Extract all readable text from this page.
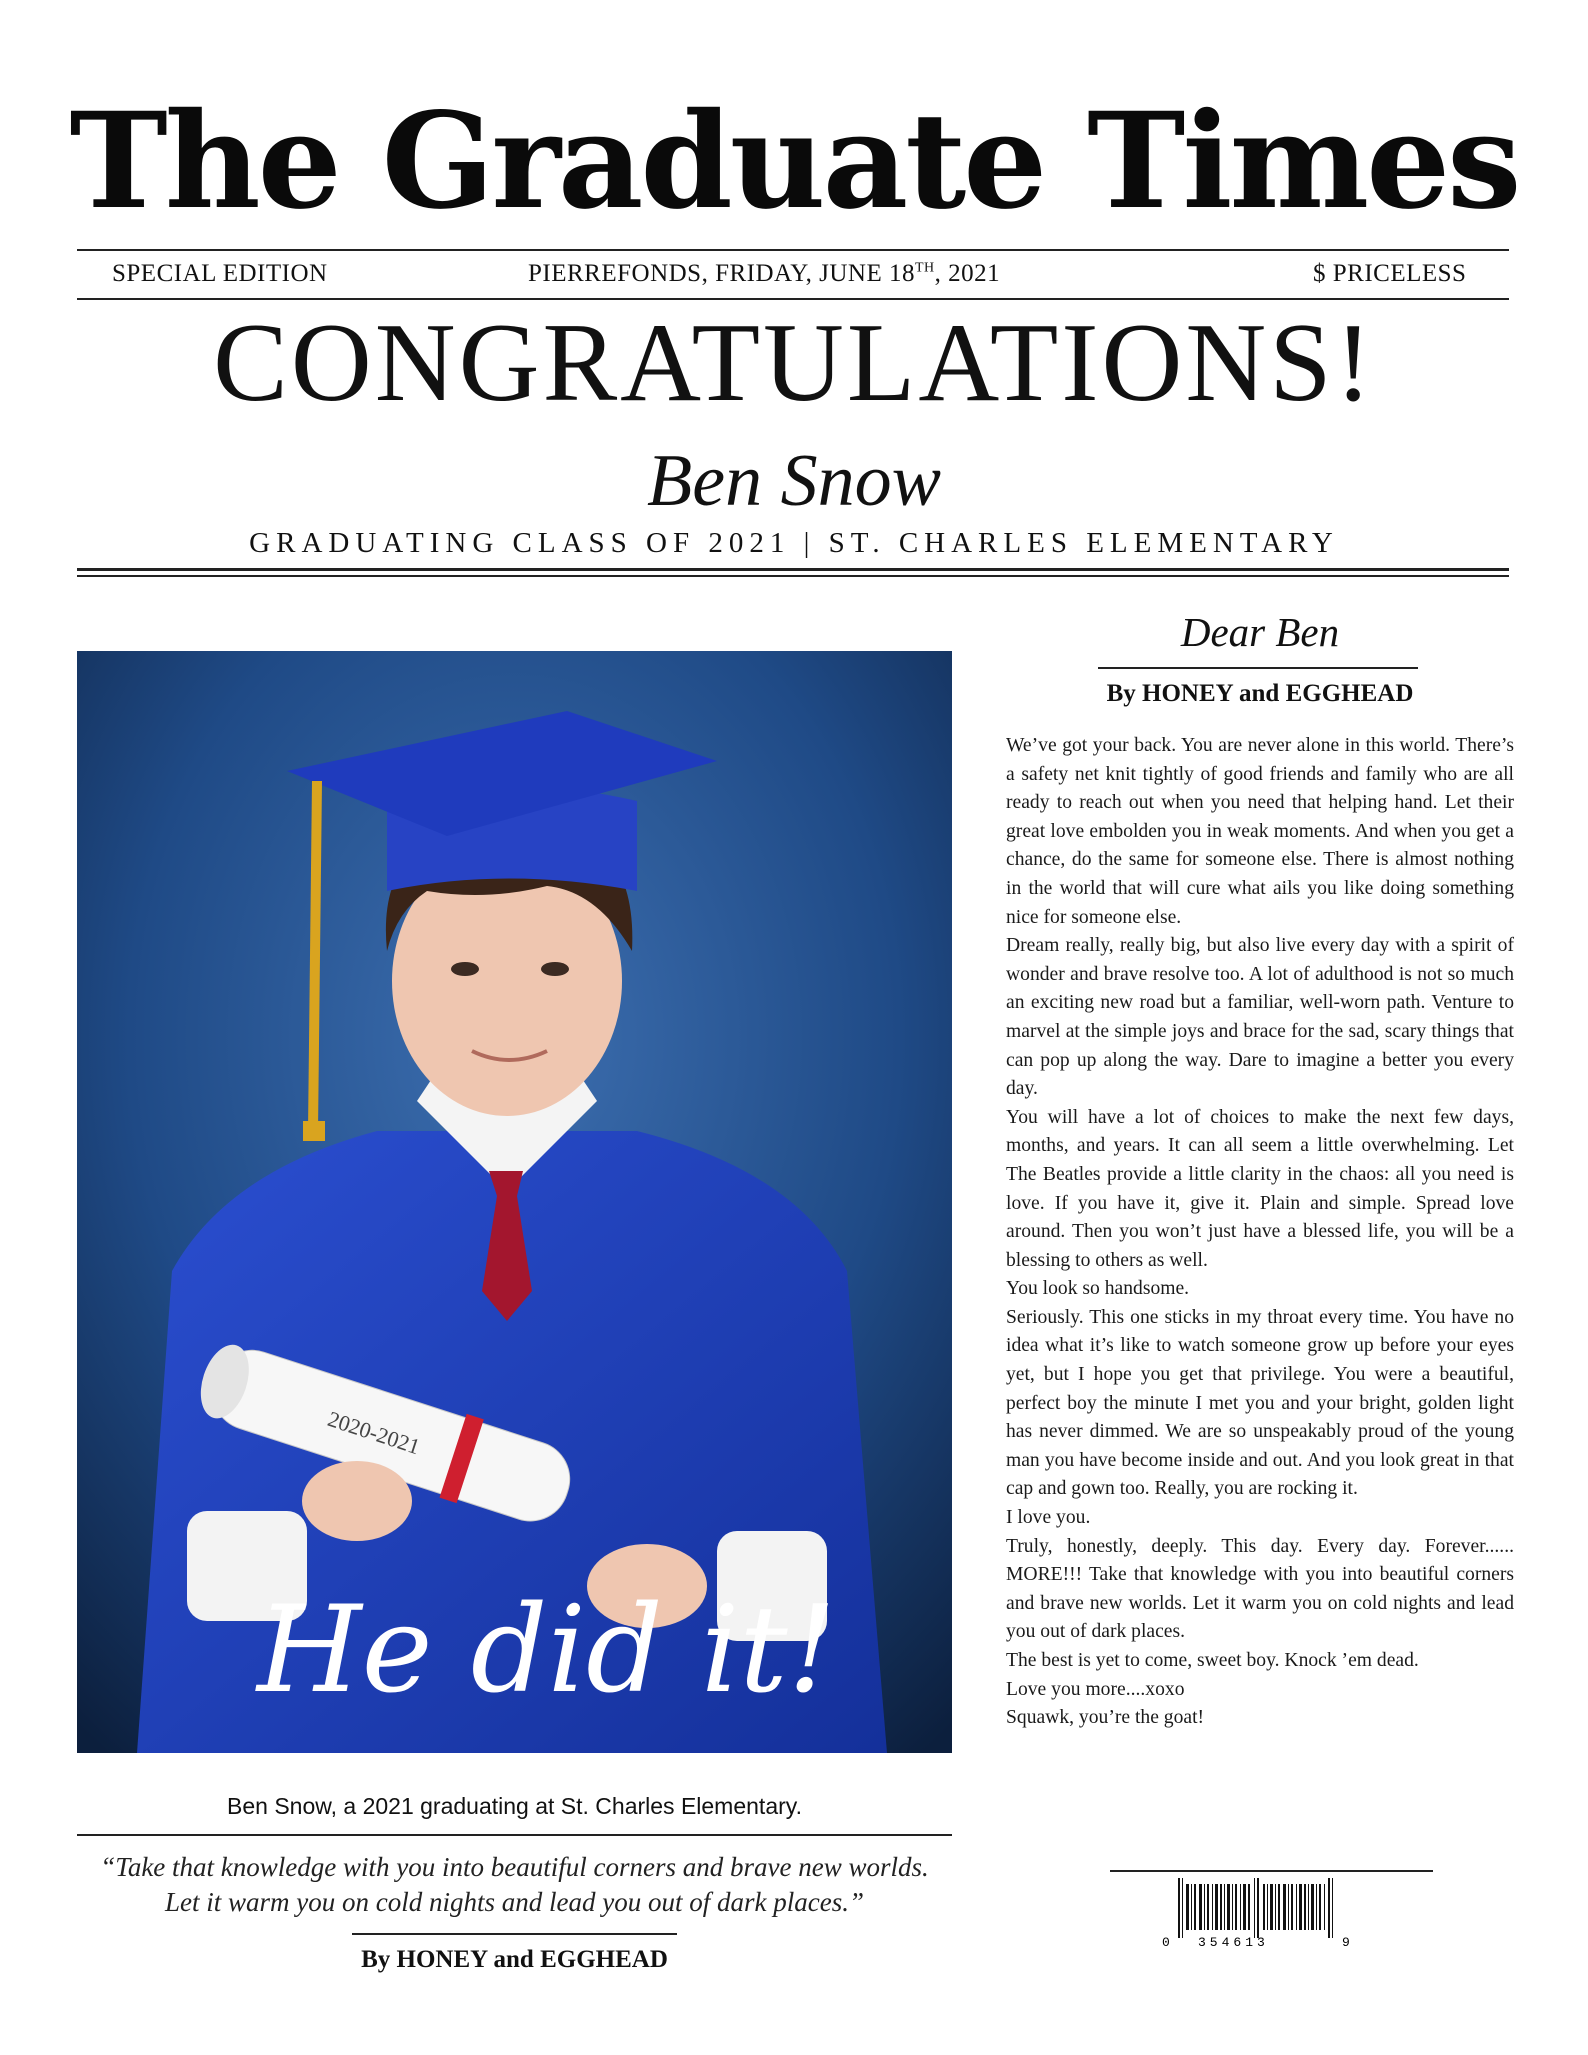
The Graduate Times
SPECIAL EDITION	PIERREFONDS, FRIDAY, JUNE 18TH, 2021	$ PRICELESS
CONGRATULATIONS!
Ben Snow
GRADUATING CLASS OF 2021 | ST. CHARLES ELEMENTARY
2020-2021
He did it!
Ben Snow, a 2021 graduating at St. Charles Elementary.
“Take that knowledge with you into beautiful corners and brave new worlds.
Let it warm you on cold nights and lead you out of dark places.”
By HONEY and EGGHEAD
Dear Ben
By HONEY and EGGHEAD

We’ve got your back. You are never alone in this world. There’s a safety net knit tightly of good friends and family who are all ready to reach out when you need that helping hand. Let their great love embolden you in weak moments. And when you get a chance, do the same for someone else. There is almost nothing in the world that will cure what ails you like doing something nice for someone else.

Dream really, really big, but also live every day with a spirit of wonder and brave resolve too. A lot of adulthood is not so much an exciting new road but a familiar, well-worn path. Venture to marvel at the simple joys and brace for the sad, scary things that can pop up along the way. Dare to imagine a better you every day.

You will have a lot of choices to make the next few days, months, and years. It can all seem a little overwhelming. Let The Beatles provide a little clarity in the chaos: all you need is love. If you have it, give it. Plain and simple. Spread love around. Then you won’t just have a blessed life, you will be a blessing to others as well.

You look so handsome.

Seriously. This one sticks in my throat every time. You have no idea what it’s like to watch someone grow up before your eyes yet, but I hope you get that privilege. You were a beautiful, perfect boy the minute I met you and your bright, golden light has never dimmed. We are so unspeakably proud of the young man you have become inside and out. And you look great in that cap and gown too. Really, you are rocking it.

I love you.

Truly, honestly, deeply. This day. Every day. Forever...... MORE!!! Take that knowledge with you into beautiful corners and brave new worlds. Let it warm you on cold nights and lead you out of dark places.

The best is yet to come, sweet boy. Knock ’em dead.

Love you more....xoxo

Squawk, you’re the goat!

0 354613	9
